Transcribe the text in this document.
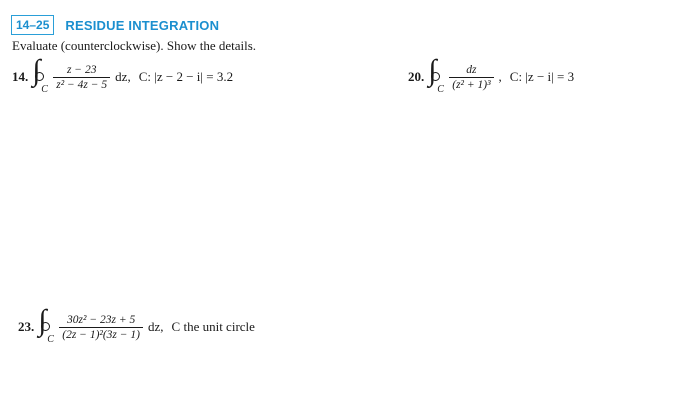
14–25	RESIDUE INTEGRATION
Evaluate (counterclockwise). Show the details.
14. ∫
C $\frac{z - 23}{\text{z² − 4z − 5}}$ dz, C: |z − 2 − i| = 3.2	20. ∫
C $\frac{dz}{\text{(z² + 1)³}}$ , C: |z − i| = 3
23. ∫
C $\frac{\text{30z² − 23z + 5}}{\text{(2z − 1)²(3z − 1)}}$ dz, C the unit circle
